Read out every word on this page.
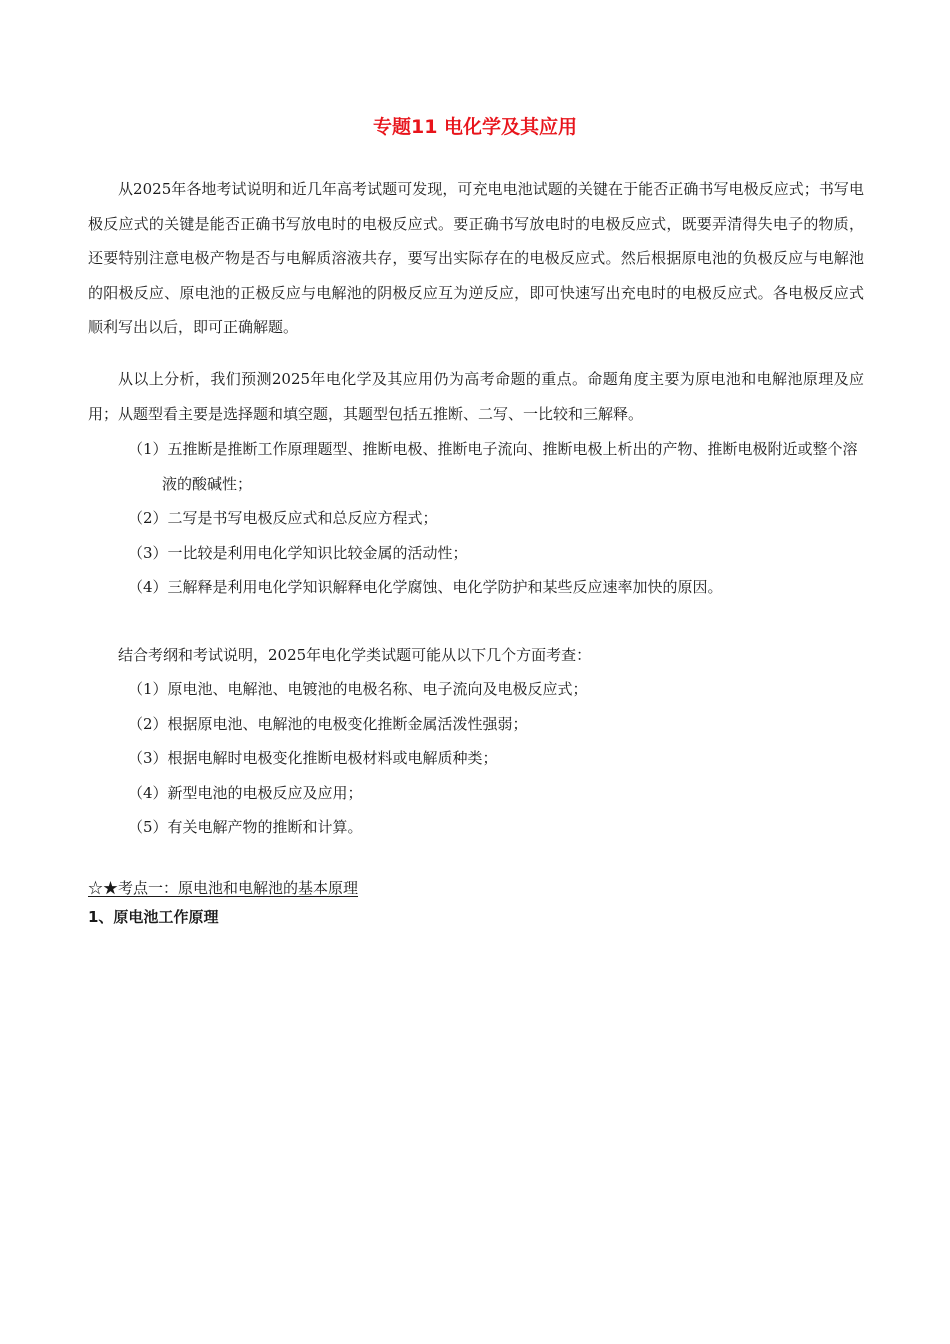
专题11 电化学及其应用

从2025年各地考试说明和近几年高考试题可发现，可充电电池试题的关键在于能否正确书写电极反应式；书写电极反应式的关键是能否正确书写放电时的电极反应式。要正确书写放电时的电极反应式，既要弄清得失电子的物质，还要特别注意电极产物是否与电解质溶液共存，要写出实际存在的电极反应式。然后根据原电池的负极反应与电解池的阳极反应、原电池的正极反应与电解池的阴极反应互为逆反应，即可快速写出充电时的电极反应式。各电极反应式顺利写出以后，即可正确解题。

从以上分析，我们预测2025年电化学及其应用仍为高考命题的重点。命题角度主要为原电池和电解池原理及应用；从题型看主要是选择题和填空题，其题型包括五推断、二写、一比较和三解释。

（1）五推断是推断工作原理题型、推断电极、推断电子流向、推断电极上析出的产物、推断电极附近或整个溶液的酸碱性；
（2）二写是书写电极反应式和总反应方程式；
（3）一比较是利用电化学知识比较金属的活动性；
（4）三解释是利用电化学知识解释电化学腐蚀、电化学防护和某些反应速率加快的原因。

结合考纲和考试说明，2025年电化学类试题可能从以下几个方面考查：

（1）原电池、电解池、电镀池的电极名称、电子流向及电极反应式；
（2）根据原电池、电解池的电极变化推断金属活泼性强弱；
（3）根据电解时电极变化推断电极材料或电解质种类；
（4）新型电池的电极反应及应用；
（5）有关电解产物的推断和计算。

☆★考点一：原电池和电解池的基本原理

1、原电池工作原理
